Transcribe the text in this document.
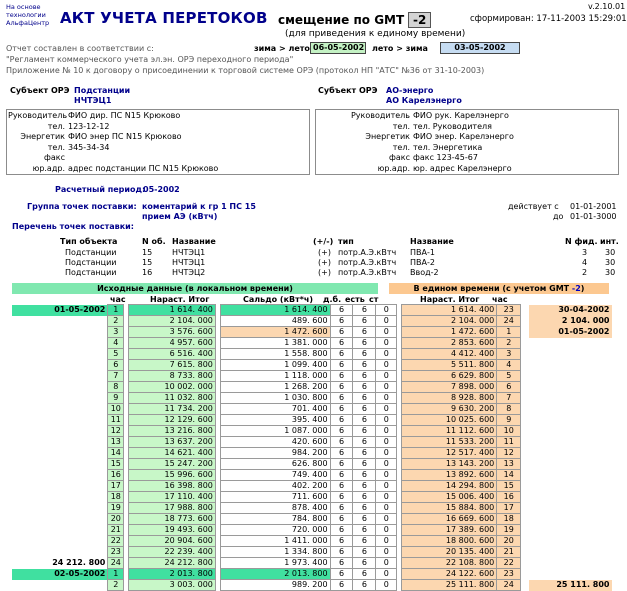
На основе
технологии
АльфаЦентр АКТ УЧЕТА ПЕРЕТОКОВ смещение по GMT -2
(для приведения к единому времени)
v.2.10.01
сформирован: 17-11-2003 15:29:01
Отчет составлен в соответствии с:
"Регламент коммерческого учета эл.эн. ОРЭ переходного периода"
Приложение № 10 к договору о присоединении к торговой системе ОРЭ (протокол НП "АТС" №36 от 31-10-2003)
зима > лето 06-05-2002 лето > зима	03-05-2002
Субъект ОРЭ Подстанции
НЧТЭЦ1
Субъект ОРЭ АО-энерго
АО Карелэнерго
РуководительФИО дир. ПС N15 Крюково
тел. 123-12-12
Энергетик ФИО энер ПС N15 Крюково
тел. 345-34-34
факс
юр.адр. адрес подстанции ПС N15 Крюково
Руководитель ФИО рук. Карелэнерго
тел. тел. Руководителя
Энергетик ФИО энер. Карелэнерго
тел. тел. Энергетика
факс факс 123-45-67
юр.адр. юр. адрес Карелэнерго
Расчетный период:
05-2002
Группа точек поставки: коментарий к гр 1 ПС 15
прием АЭ (кВтч)
действует с 01-01-2001
до 01-01-3000
Перечень точек поставки:
Тип объекта	N об. Название	(+/-) тип	Название	N фид. инт.
Подстанции	15 НЧТЭЦ1	(+) потр.А.Э.кВтч ПВА-1	3 30
Подстанции	15 НЧТЭЦ1	(+) потр.А.Э.кВтч ПВА-2	4 30
Подстанции	16 НЧТЭЦ2	(+) потр.А.Э.кВтч Ввод-2	2 30
Исходные данные (в локальном времени)	В едином времени (с учетом GMT -2)
час	Нараст. Итог	Сальдо (кВт*ч) д.б. есть ст	Нараст. Итог час
01-05-2002	1		1 614. 400		1 614. 400	6	6	0		1 614. 400	23		30-04-2002
	2		2 104. 000		489. 600	6	6	0		2 104. 000	24		2 104. 000
	3		3 576. 600		1 472. 600	6	6	0		1 472. 600	1		01-05-2002
	4		4 957. 600		1 381. 000	6	6	0		2 853. 600	2		
	5		6 516. 400		1 558. 800	6	6	0		4 412. 400	3		
	6		7 615. 800		1 099. 400	6	6	0		5 511. 800	4		
	7		8 733. 800		1 118. 000	6	6	0		6 629. 800	5		
	8		10 002. 000		1 268. 200	6	6	0		7 898. 000	6		
	9		11 032. 800		1 030. 800	6	6	0		8 928. 800	7		
	10		11 734. 200		701. 400	6	6	0		9 630. 200	8		
	11		12 129. 600		395. 400	6	6	0		10 025. 600	9		
	12		13 216. 800		1 087. 000	6	6	0		11 112. 600	10		
	13		13 637. 200		420. 600	6	6	0		11 533. 200	11		
	14		14 621. 400		984. 200	6	6	0		12 517. 400	12		
	15		15 247. 200		626. 800	6	6	0		13 143. 200	13		
	16		15 996. 600		749. 400	6	6	0		13 892. 600	14		
	17		16 398. 800		402. 200	6	6	0		14 294. 800	15		
	18		17 110. 400		711. 600	6	6	0		15 006. 400	16		
	19		17 988. 800		878. 400	6	6	0		15 884. 800	17		
	20		18 773. 600		784. 800	6	6	0		16 669. 600	18		
	21		19 493. 600		720. 000	6	6	0		17 389. 600	19		
	22		20 904. 600		1 411. 000	6	6	0		18 800. 600	20		
	23		22 239. 400		1 334. 800	6	6	0		20 135. 400	21		
24 212. 800	24		24 212. 800		1 973. 400	6	6	0		22 108. 800	22		
02-05-2002	1		2 013. 800		2 013. 800	6	6	0		24 122. 600	23		
	2		3 003. 000		989. 200	6	6	0		25 111. 800	24		25 111. 800
